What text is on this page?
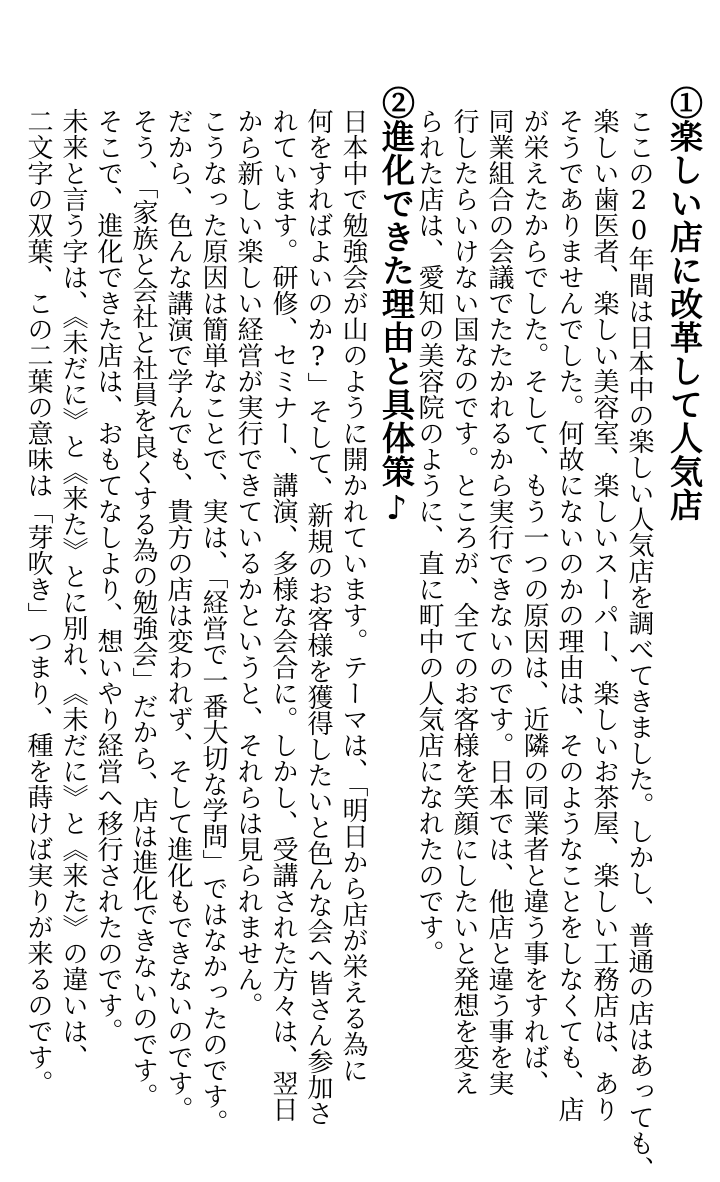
①楽しい店に改革して人気店
ここの20年間は日本中の楽しい人気店を調べてきました。しかし、普通の店はあっても、
楽しい歯医者、楽しい美容室、楽しいスーパー、楽しいお茶屋、楽しい工務店は、あり
そうでありませんでした。何故にないのかの理由は、そのようなことをしなくても、店
が栄えたからでした。そして、もう一つの原因は、近隣の同業者と違う事をすれば、
同業組合の会議でたたかれるから実行できないのです。日本では、他店と違う事を実
行したらいけない国なのです。ところが、全てのお客様を笑顔にしたいと発想を変え
られた店は、愛知の美容院のように、直に町中の人気店になれたのです。
②進化できた理由と具体策♪
日本中で勉強会が山のように開かれています。テーマは、「明日から店が栄える為に
何をすればよいのか?」そして、新規のお客様を獲得したいと色んな会へ皆さん参加さ
れています。研修、セミナー、講演、多様な会合に。しかし、受講された方々は、翌日
から新しい楽しい経営が実行できているかというと、それらは見られません。
こうなった原因は簡単なことで、実は、「経営で一番大切な学問」ではなかったのです。
だから、色んな講演で学んでも、貴方の店は変われず、そして進化もできないのです。
そう、「家族と会社と社員を良くする為の勉強会」だから、店は進化できないのです。
そこで、進化できた店は、おもてなしより、想いやり経営へ移行されたのです。
未来と言う字は、《未だに》と《来た》とに別れ、《未だに》と《来た》の違いは、
二文字の双葉、この二葉の意味は「芽吹き」つまり、種を蒔けば実りが来るのです。
